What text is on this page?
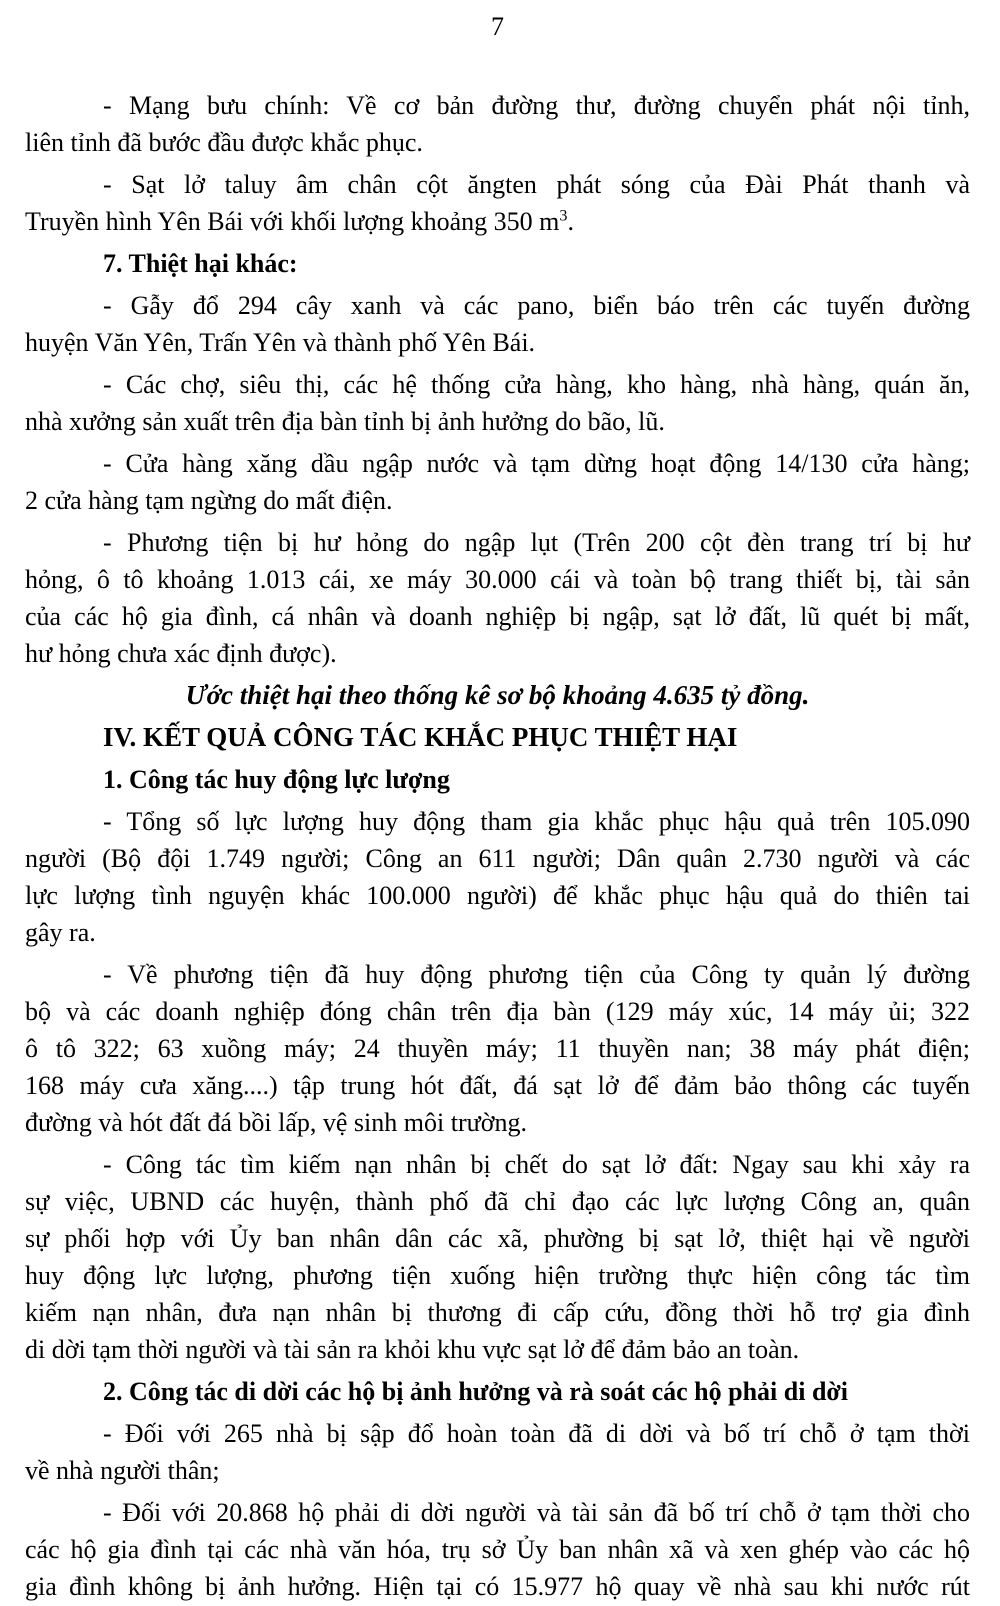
7
- Mạng bưu chính: Về cơ bản đường thư, đường chuyển phát nội tỉnh,
liên tỉnh đã bước đầu được khắc phục.
- Sạt lở taluy âm chân cột ăngten phát sóng của Đài Phát thanh và
Truyền hình Yên Bái với khối lượng khoảng 350 $m^3$.
7. Thiệt hại khác:
- Gẫy đổ 294 cây xanh và các pano, biển báo trên các tuyến đường
huyện Văn Yên, Trấn Yên và thành phố Yên Bái.
- Các chợ, siêu thị, các hệ thống cửa hàng, kho hàng, nhà hàng, quán ăn,
nhà xưởng sản xuất trên địa bàn tỉnh bị ảnh hưởng do bão, lũ.
- Cửa hàng xăng dầu ngập nước và tạm dừng hoạt động 14/130 cửa hàng;
2 cửa hàng tạm ngừng do mất điện.
- Phương tiện bị hư hỏng do ngập lụt (Trên 200 cột đèn trang trí bị hư
hỏng, ô tô khoảng 1.013 cái, xe máy 30.000 cái và toàn bộ trang thiết bị, tài sản
của các hộ gia đình, cá nhân và doanh nghiệp bị ngập, sạt lở đất, lũ quét bị mất,
hư hỏng chưa xác định được).
Ước thiệt hại theo thống kê sơ bộ khoảng 4.635 tỷ đồng.
IV. KẾT QUẢ CÔNG TÁC KHẮC PHỤC THIỆT HẠI
1. Công tác huy động lực lượng
- Tổng số lực lượng huy động tham gia khắc phục hậu quả trên 105.090
người (Bộ đội 1.749 người; Công an 611 người; Dân quân 2.730 người và các
lực lượng tình nguyện khác 100.000 người) để khắc phục hậu quả do thiên tai
gây ra.
- Về phương tiện đã huy động phương tiện của Công ty quản lý đường
bộ và các doanh nghiệp đóng chân trên địa bàn (129 máy xúc, 14 máy ủi; 322
ô tô 322; 63 xuồng máy; 24 thuyền máy; 11 thuyền nan; 38 máy phát điện;
168 máy cưa xăng....) tập trung hót đất, đá sạt lở để đảm bảo thông các tuyến
đường và hót đất đá bồi lấp, vệ sinh môi trường.
- Công tác tìm kiếm nạn nhân bị chết do sạt lở đất: Ngay sau khi xảy ra
sự việc, UBND các huyện, thành phố đã chỉ đạo các lực lượng Công an, quân
sự phối hợp với Ủy ban nhân dân các xã, phường bị sạt lở, thiệt hại về người
huy động lực lượng, phương tiện xuống hiện trường thực hiện công tác tìm
kiếm nạn nhân, đưa nạn nhân bị thương đi cấp cứu, đồng thời hỗ trợ gia đình
di dời tạm thời người và tài sản ra khỏi khu vực sạt lở để đảm bảo an toàn.
2. Công tác di dời các hộ bị ảnh hưởng và rà soát các hộ phải di dời
- Đối với 265 nhà bị sập đổ hoàn toàn đã di dời và bố trí chỗ ở tạm thời
về nhà người thân;
- Đối với 20.868 hộ phải di dời người và tài sản đã bố trí chỗ ở tạm thời cho
các hộ gia đình tại các nhà văn hóa, trụ sở Ủy ban nhân xã và xen ghép vào các hộ
gia đình không bị ảnh hưởng. Hiện tại có 15.977 hộ quay về nhà sau khi nước rút
